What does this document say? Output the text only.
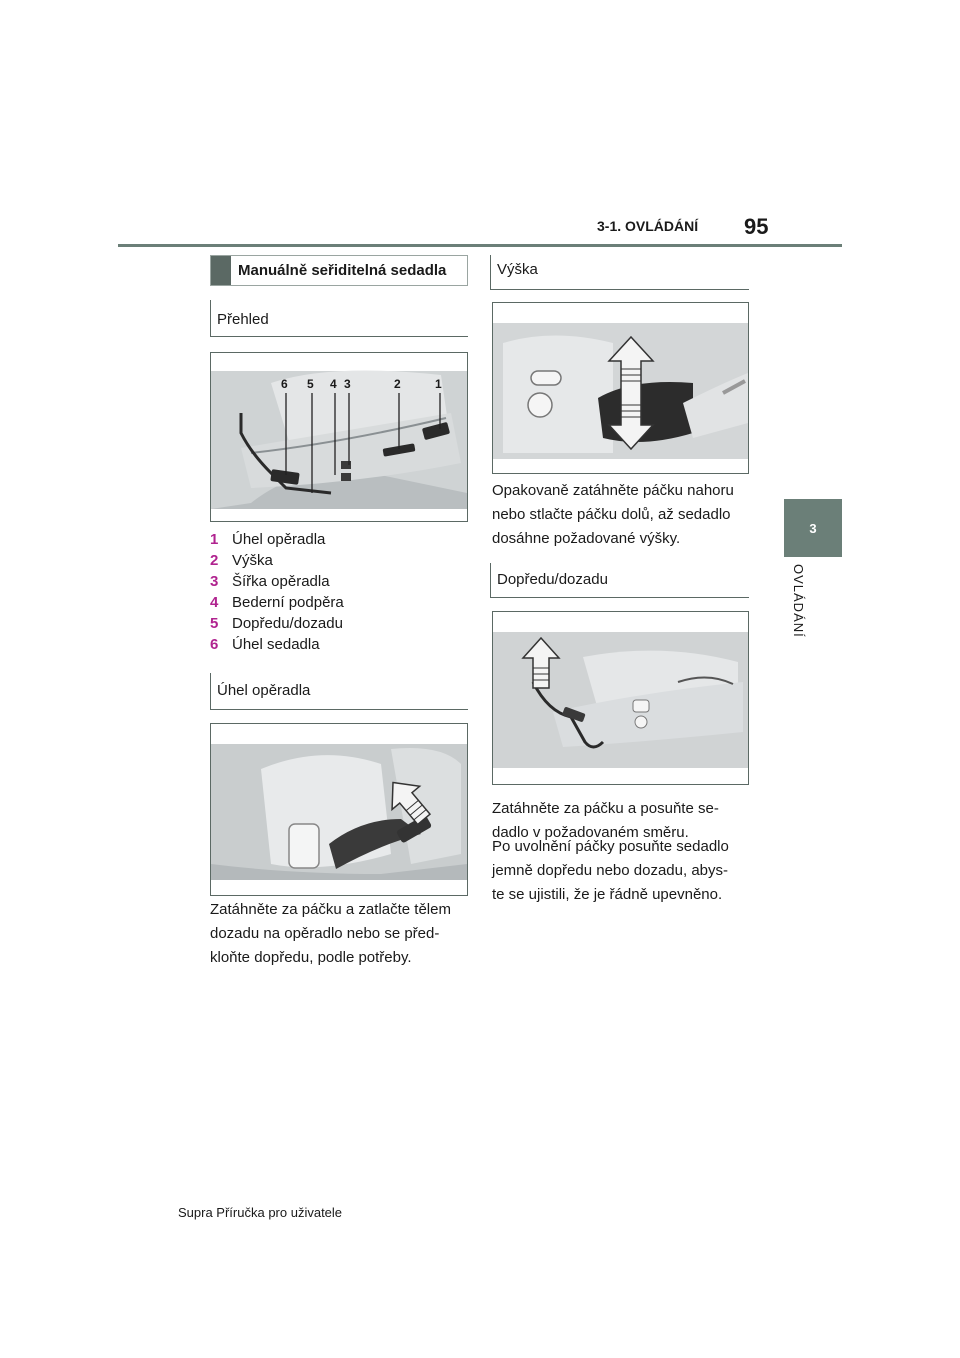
3-1. OVLÁDÁNÍ 95
3
OVLÁDÁNÍ
Manuálně seřiditelná sedadla
Přehled
6 5 4 3	2	1
1 Úhel opěradla
2 Výška
3 Šířka opěradla
4 Bederní podpěra
5 Dopředu/dozadu
6 Úhel sedadla
Úhel opěradla
Zatáhněte za páčku a zatlačte tělem
dozadu na opěradlo nebo se před-
kloňte dopředu, podle potřeby.
Výška
Opakovaně zatáhněte páčku nahoru
nebo stlačte páčku dolů, až sedadlo
dosáhne požadované výšky.
Dopředu/dozadu
Zatáhněte za páčku a posuňte se-
dadlo v požadovaném směru.
Po uvolnění páčky posuňte sedadlo
jemně dopředu nebo dozadu, abys-
te se ujistili, že je řádně upevněno.
Supra Příručka pro uživatele
